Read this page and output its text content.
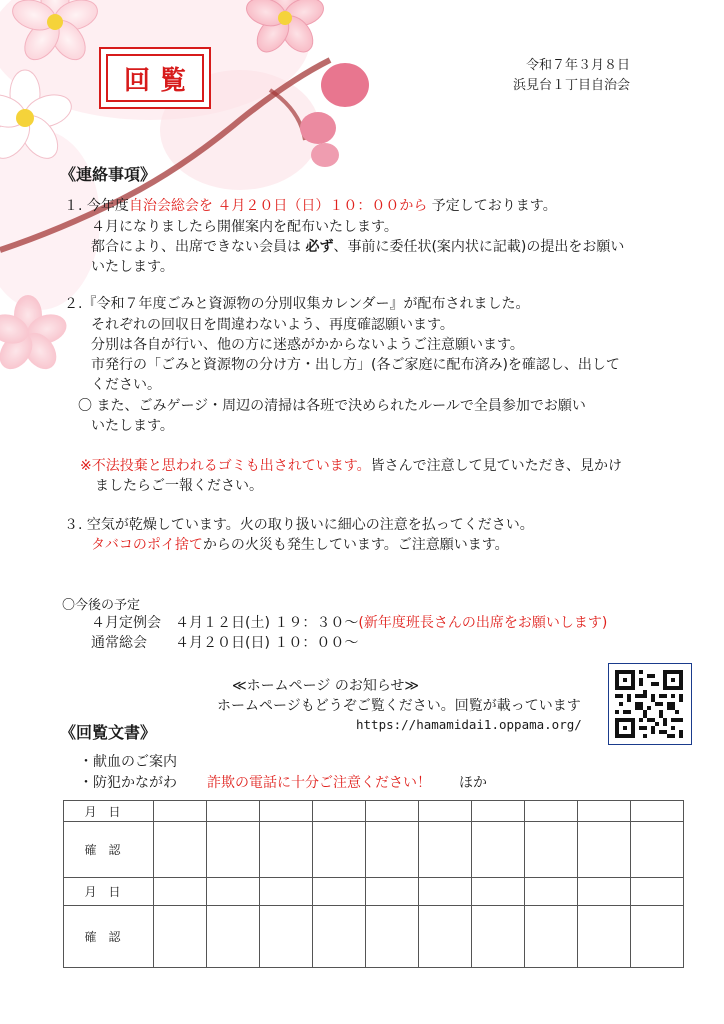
回覧	令和７年３月８日
浜見台１丁目自治会
《連絡事項》
１. 今年度自治会総会を ４月２０日（日）１０：００から 予定しております。
４月になりましたら開催案内を配布いたします。
都合により、出席できない会員は 必ず、事前に委任状(案内状に記載)の提出をお願い
いたします。
２.『令和７年度ごみと資源物の分別収集カレンダー』が配布されました。
それぞれの回収日を間違わないよう、再度確認願います。
分別は各自が行い、他の方に迷惑がかからないようご注意願います。
市発行の「ごみと資源物の分け方・出し方」(各ご家庭に配布済み)を確認し、出して
ください。
〇 また、ごみゲージ・周辺の清掃は各班で決められたルールで全員参加でお願い
いたします。
※不法投棄と思われるゴミも出されています。皆さんで注意して見ていただき、見かけ
ましたらご一報ください。
３. 空気が乾燥しています。火の取り扱いに細心の注意を払ってください。
タバコのポイ捨てからの火災も発生しています。ご注意願います。
〇今後の予定
４月定例会　４月１２日(土) １９：３０～(新年度班長さんの出席をお願いします)
通常総会　　４月２０日(日) １０：００～
≪ホームページ のお知らせ≫
ホームページもどうぞご覧ください。回覧が載っています
https://hamamidai1.oppama.org/
《回覧文書》
・献血のご案内
・防犯かながわ 詐欺の電話に十分ご注意ください！ ほか
月日										
確認										
月日										
確認										
